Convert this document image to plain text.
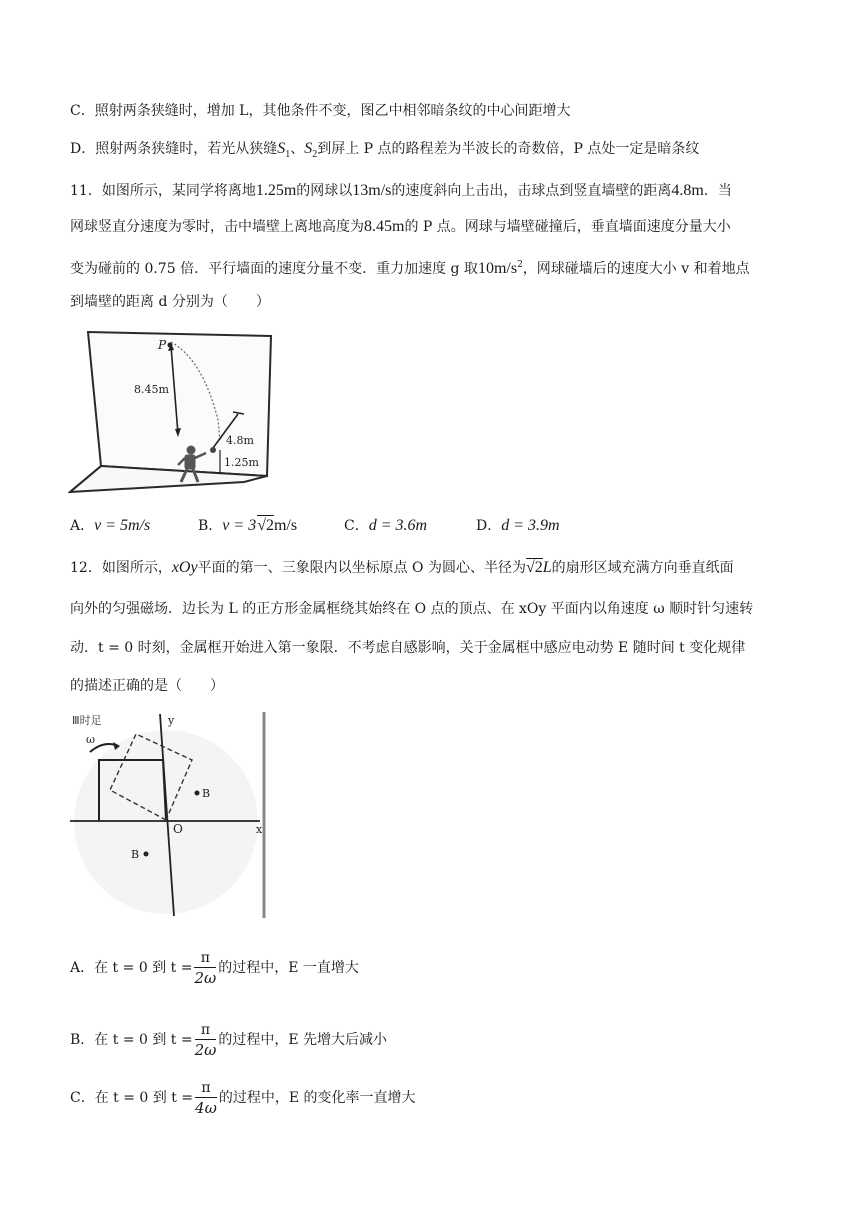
C．照射两条狭缝时，增加 L，其他条件不变，图乙中相邻暗条纹的中心间距增大
D．照射两条狭缝时，若光从狭缝$S_1$、$S_2$到屏上 P 点的路程差为半波长的奇数倍，P 点处一定是暗条纹
11．如图所示，某同学将离地1.25m的网球以13m/s的速度斜向上击出，击球点到竖直墙壁的距离4.8m．当
网球竖直分速度为零时，击中墙壁上离地高度为8.45m的 P 点。网球与墙壁碰撞后，垂直墙面速度分量大小
变为碰前的 0.75 倍．平行墙面的速度分量不变．重力加速度 g 取$10m/s^2$，网球碰墙后的速度大小 v 和着地点
到墙壁的距离 d 分别为（　　）
P
8.45m
4.8m
1.25m
A．v = 5m/s	B．v = 3√2m/s	C．d = 3.6m	D．d = 3.9m
12．如图所示，xOy平面的第一、三象限内以坐标原点 O 为圆心、半径为√2L的扇形区域充满方向垂直纸面
向外的匀强磁场．边长为 L 的正方形金属框绕其始终在 O 点的顶点、在 xOy 平面内以角速度 ω 顺时针匀速转
动．t = 0 时刻，金属框开始进入第一象限．不考虑自感影响，关于金属框中感应电动势 E 随时间 t 变化规律
的描述正确的是（　　）
Ⅲ时足	y
x
O
B
B
ω
A．在 t = 0 到 $t = \frac{\pi}{2\omega}$ 的过程中，E 一直增大
B．在 t = 0 到 $t = \frac{\pi}{2\omega}$ 的过程中，E 先增大后减小
C．在 t = 0 到 $t = \frac{\pi}{4\omega}$ 的过程中，E 的变化率一直增大
